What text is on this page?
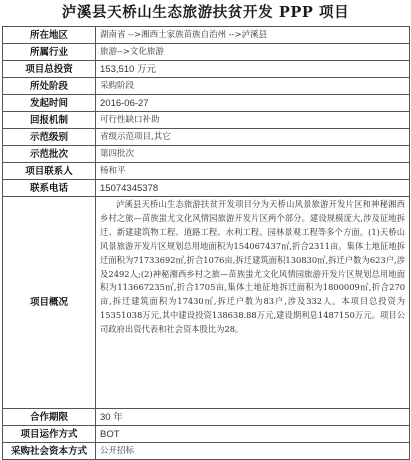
泸溪县天桥山生态旅游扶贫开发 PPP 项目
所在地区	湖南省 -->湘西土家族苗族自治州 -->泸溪县
所属行业	旅游-->文化旅游
项目总投资	153,510 万元
所处阶段	采购阶段
发起时间	2016-06-27
回报机制	可行性缺口补助
示范级别	省级示范项目,其它
示范批次	第四批次
项目联系人	杨和平
联系电话	15074345378
项目概况	泸溪县天桥山生态旅游扶贫开发项目分为天桥山风景旅游开发片区和神秘湘西乡村之旅—苗族蚩尤文化风情园旅游开发片区两个部分。建设规模庞大,涉及征地拆迁、新建建筑物工程、道路工程、水利工程、园林景观工程等多个方面。(1)天桥山风景旅游开发片区规划总用地面积为154067437㎡,折合2311亩。集体土地征地拆迁面积为71733692㎡,折合1076亩,拆迁建筑面积130830㎡,拆迁户数为623户,涉及2492人;(2)神秘湘西乡村之旅—苗族蚩尤文化风情园旅游开发片区规划总用地面积为113667235㎡,折合1705亩,集体土地征地拆迁面积为1800009㎡,折合270亩,拆迁建筑面积为17430㎡,拆迁户数为83户,涉及332人。本项目总投资为15351038万元,其中建设投资138638.88万元,建设期利息1487150万元。项目公司政府出资代表和社会资本股比为28。
合作期限	30 年
项目运作方式	BOT
采购社会资本方式	公开招标
